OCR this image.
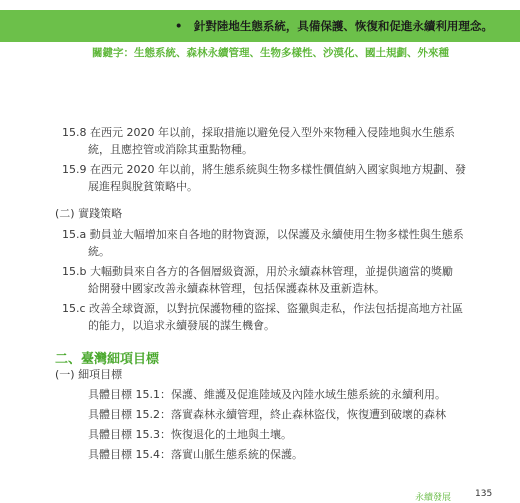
•　針對陸地生態系統，具備保護、恢復和促進永續利用理念。
關鍵字：生態系統、森林永續管理、生物多樣性、沙漠化、國土規劃、外來種
15.8 在西元 2020 年以前，採取措施以避免侵入型外來物種入侵陸地與水生態系
統，且應控管或消除其重點物種。
15.9 在西元 2020 年以前，將生態系統與生物多樣性價值納入國家與地方規劃、發
展進程與脫貧策略中。
(二) 實踐策略
15.a 動員並大幅增加來自各地的財物資源，以保護及永續使用生物多樣性與生態系
統。
15.b 大幅動員來自各方的各個層級資源，用於永續森林管理，並提供適當的獎勵
給開發中國家改善永續森林管理，包括保護森林及重新造林。
15.c 改善全球資源，以對抗保護物種的盜採、盜獵與走私，作法包括提高地方社區
的能力，以追求永續發展的謀生機會。
二、臺灣細項目標
(一) 細項目標
具體目標 15.1：保護、維護及促進陸域及內陸水域生態系統的永續利用。
具體目標 15.2：落實森林永續管理，終止森林盜伐，恢復遭到破壞的森林
具體目標 15.3：恢復退化的土地與土壤。
具體目標 15.4：落實山脈生態系統的保護。
永續發展	135
